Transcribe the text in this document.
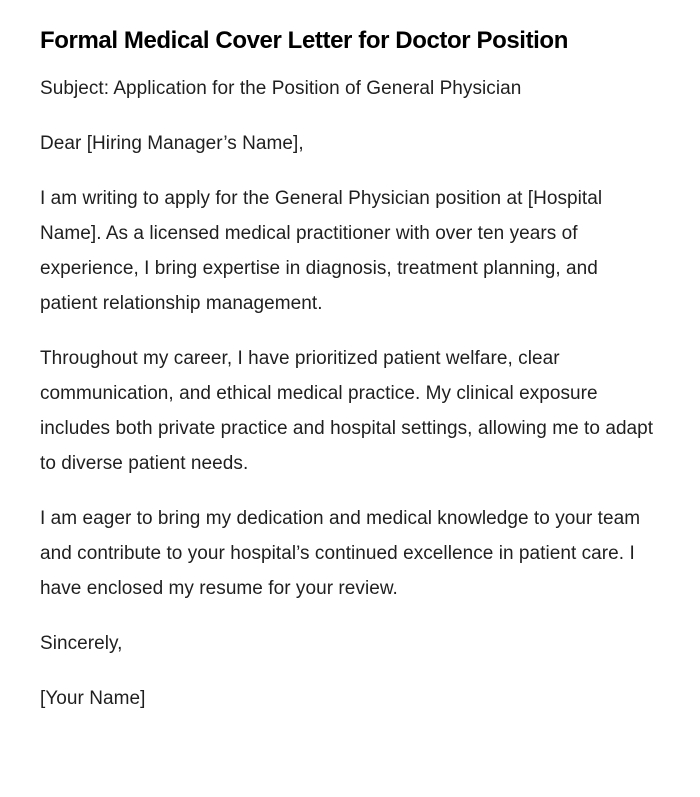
Formal Medical Cover Letter for Doctor Position

Subject: Application for the Position of General Physician

Dear [Hiring Manager’s Name],

I am writing to apply for the General Physician position at [Hospital Name]. As a licensed medical practitioner with over ten years of experience, I bring expertise in diagnosis, treatment planning, and patient relationship management.

Throughout my career, I have prioritized patient welfare, clear communication, and ethical medical practice. My clinical exposure includes both private practice and hospital settings, allowing me to adapt to diverse patient needs.

I am eager to bring my dedication and medical knowledge to your team and contribute to your hospital’s continued excellence in patient care. I have enclosed my resume for your review.

Sincerely,

[Your Name]
